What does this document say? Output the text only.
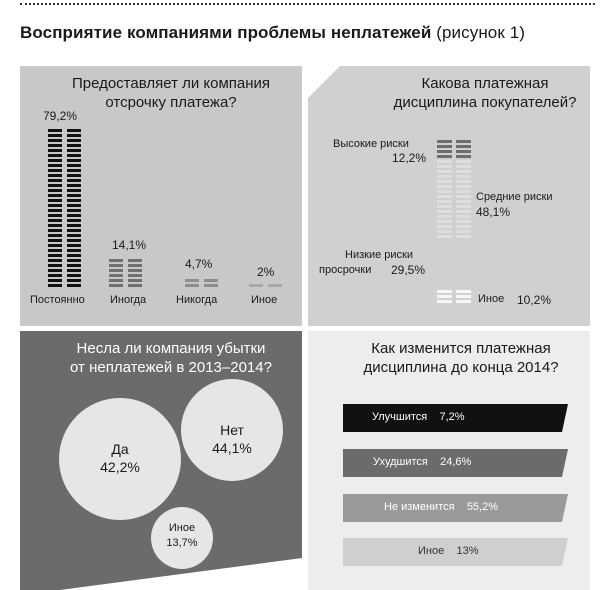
Восприятие компаниями проблемы неплатежей (рисунок 1)
Предоставляет ли компания
отсрочку платежа?
79,2%
14,1%
4,7%
2%
Постоянно Иногда	Никогда	Иное
Какова платежная
дисциплина покупателей?
Высокие риски
12,2%
Средние риски
48,1%
Низкие риски
просрочки 29,5%
Иное 10,2%
Несла ли компания убытки
от неплатежей в 2013–2014?
Да
42,2%
Нет
44,1%
Иное
13,7%
Как изменится платежная
дисциплина до конца 2014?
Улучшится 7,2%
Ухудшится 24,6%
Не изменится 55,2%
Иное 13%
